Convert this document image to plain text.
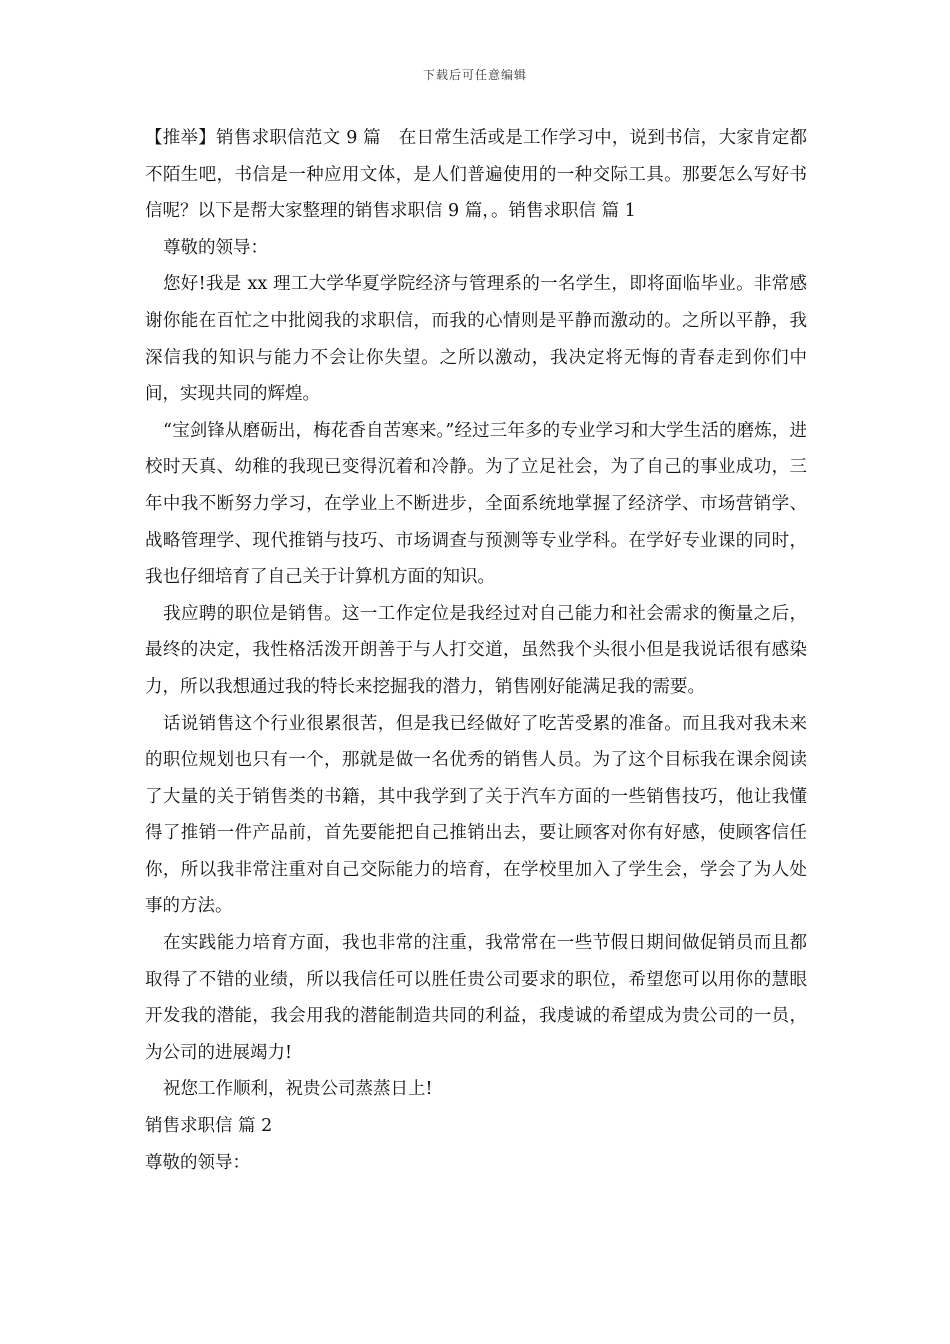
下载后可任意编辑

【推举】销售求职信范文 9 篇　在日常生活或是工作学习中，说到书信，大家肯定都不陌生吧，书信是一种应用文体，是人们普遍使用的一种交际工具。那要怎么写好书信呢？以下是帮大家整理的销售求职信 9 篇，。销售求职信 篇 1

尊敬的领导：

您好!我是 xx 理工大学华夏学院经济与管理系的一名学生，即将面临毕业。非常感谢你能在百忙之中批阅我的求职信，而我的心情则是平静而激动的。之所以平静，我深信我的知识与能力不会让你失望。之所以激动，我决定将无悔的青春走到你们中间，实现共同的辉煌。

“宝剑锋从磨砺出，梅花香自苦寒来。”经过三年多的专业学习和大学生活的磨炼，进校时天真、幼稚的我现已变得沉着和冷静。为了立足社会，为了自己的事业成功，三年中我不断努力学习，在学业上不断进步，全面系统地掌握了经济学、市场营销学、战略管理学、现代推销与技巧、市场调查与预测等专业学科。在学好专业课的同时，我也仔细培育了自己关于计算机方面的知识。

我应聘的职位是销售。这一工作定位是我经过对自己能力和社会需求的衡量之后，最终的决定，我性格活泼开朗善于与人打交道，虽然我个头很小但是我说话很有感染力，所以我想通过我的特长来挖掘我的潜力，销售刚好能满足我的需要。

话说销售这个行业很累很苦，但是我已经做好了吃苦受累的准备。而且我对我未来的职位规划也只有一个，那就是做一名优秀的销售人员。为了这个目标我在课余阅读了大量的关于销售类的书籍，其中我学到了关于汽车方面的一些销售技巧，他让我懂得了推销一件产品前，首先要能把自己推销出去，要让顾客对你有好感，使顾客信任你，所以我非常注重对自己交际能力的培育，在学校里加入了学生会，学会了为人处事的方法。

在实践能力培育方面，我也非常的注重，我常常在一些节假日期间做促销员而且都取得了不错的业绩，所以我信任可以胜任贵公司要求的职位，希望您可以用你的慧眼开发我的潜能，我会用我的潜能制造共同的利益，我虔诚的希望成为贵公司的一员，为公司的进展竭力!

祝您工作顺利，祝贵公司蒸蒸日上!

销售求职信 篇 2

尊敬的领导：
